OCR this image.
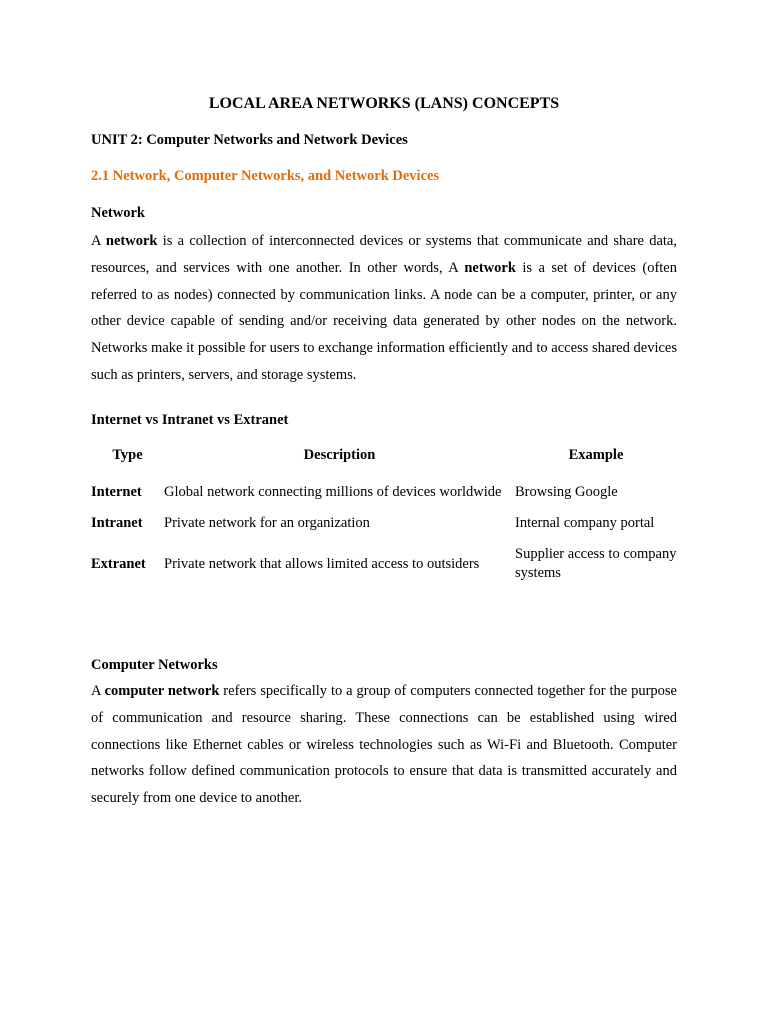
LOCAL AREA NETWORKS (LANS) CONCEPTS
UNIT 2: Computer Networks and Network Devices
2.1 Network, Computer Networks, and Network Devices
Network

A network is a collection of interconnected devices or systems that communicate and share data, resources, and services with one another. In other words, A network is a set of devices (often referred to as nodes) connected by communication links. A node can be a computer, printer, or any other device capable of sending and/or receiving data generated by other nodes on the network. Networks make it possible for users to exchange information efficiently and to access shared devices such as printers, servers, and storage systems.

Internet vs Intranet vs Extranet
Type	Description	Example
Internet	Global network connecting millions of devices worldwide	Browsing Google
Intranet	Private network for an organization	Internal company portal
Extranet	Private network that allows limited access to outsiders	Supplier access to company systems
Computer Networks

A computer network refers specifically to a group of computers connected together for the purpose of communication and resource sharing. These connections can be established using wired connections like Ethernet cables or wireless technologies such as Wi-Fi and Bluetooth. Computer networks follow defined communication protocols to ensure that data is transmitted accurately and securely from one device to another.
